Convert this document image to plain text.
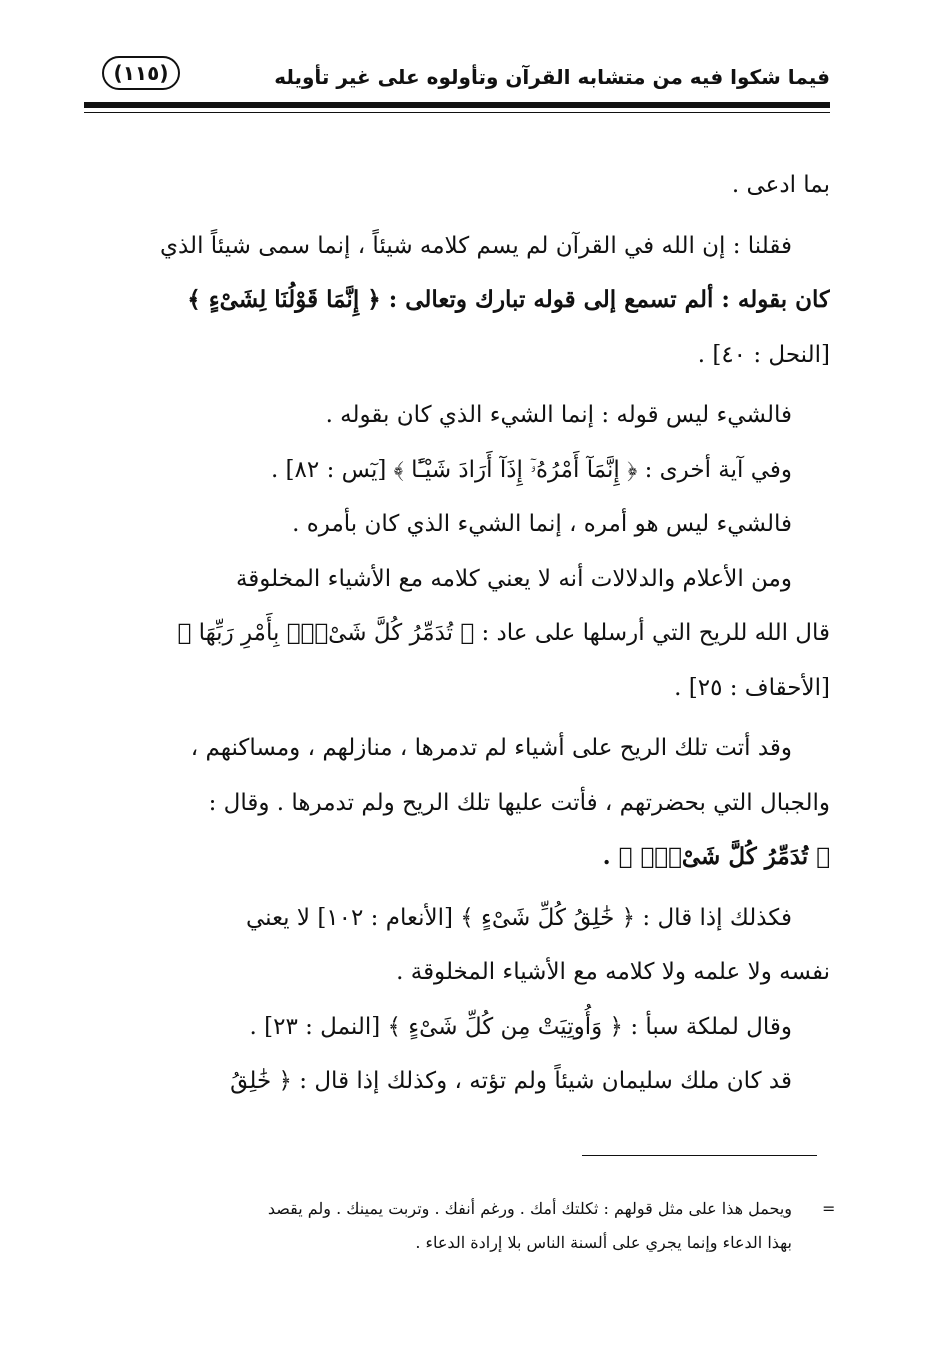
فيما شكوا فيه من متشابه القرآن وتأولوه على غير تأويله
(١١٥)
بما ادعى .
فقلنا : إن الله في القرآن لم يسم كلامه شيئاً ، إنما سمى شيئاً الذي
كان بقوله : ألم تسمع إلى قوله تبارك وتعالى : ﴿ إِنَّمَا قَوْلُنَا لِشَىْءٍ ﴾
[النحل : ٤٠] .
فالشيء ليس قوله : إنما الشيء الذي كان بقوله .
وفي آية أخرى : ﴿ إِنَّمَآ أَمْرُهُۥٓ إِذَآ أَرَادَ شَيْـًٔا ﴾ [يٓس : ٨٢] .
فالشيء ليس هو أمره ، إنما الشيء الذي كان بأمره .
ومن الأعلام والدلالات أنه لا يعني كلامه مع الأشياء المخلوقة
قال الله للريح التي أرسلها على عاد : ﴿ تُدَمِّرُ كُلَّ شَىْءٍۭ بِأَمْرِ رَبِّهَا ﴾
[الأحقاف : ٢٥] .
وقد أتت تلك الريح على أشياء لم تدمرها ، منازلهم ، ومساكنهم ،
والجبال التي بحضرتهم ، فأتت عليها تلك الريح ولم تدمرها . وقال :
﴿ تُدَمِّرُ كُلَّ شَىْءٍۭ ﴾ .
فكذلك إذا قال : ﴿ خَٰلِقُ كُلِّ شَىْءٍ ﴾ [الأنعام : ١٠٢] لا يعني
نفسه ولا علمه ولا كلامه مع الأشياء المخلوقة .
وقال لملكة سبأ : ﴿ وَأُوتِيَتْ مِن كُلِّ شَىْءٍ ﴾ [النمل : ٢٣] .
قد كان ملك سليمان شيئاً ولم تؤته ، وكذلك إذا قال : ﴿ خَٰلِقُ
=
ويحمل هذا على مثل قولهم : ثكلتك أمك . ورغم أنفك . وتربت يمينك . ولم يقصد
بهذا الدعاء وإنما يجري على ألسنة الناس بلا إرادة الدعاء .
